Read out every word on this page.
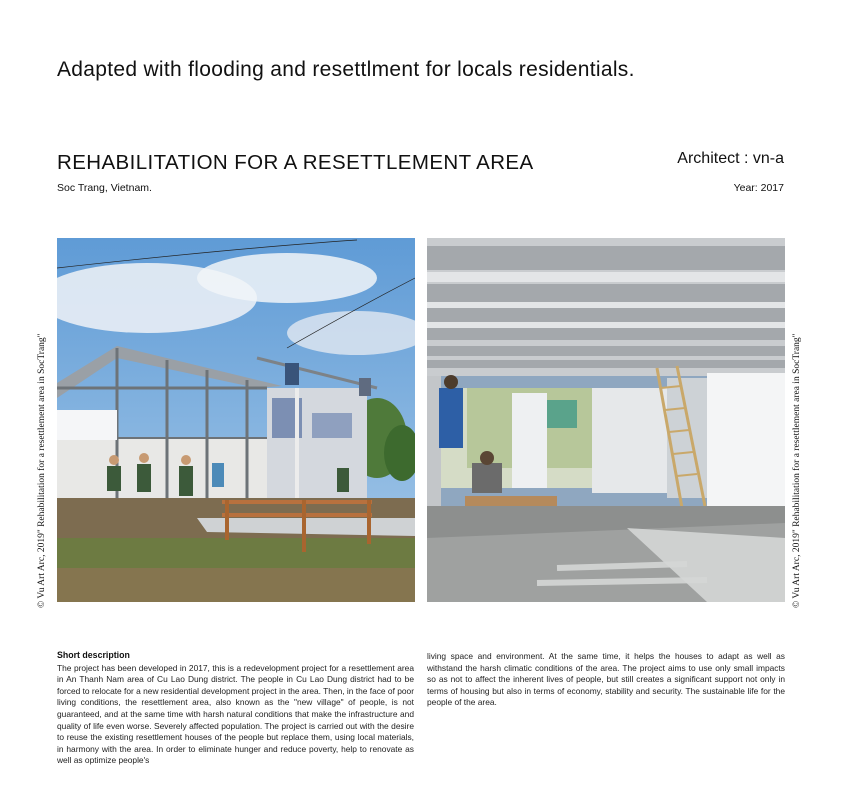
Adapted with flooding and resettlment for locals residentials.
REHABILITATION FOR A RESETTLEMENT AREA	Architect : vn-a
Soc Trang, Vietnam.	Year: 2017
© Vu Art Arc, 2019" Rehabilitation for a resettlement area in SocTrang"	© Vu Art Arc, 2019" Rehabilitation for a resettlement area in SocTrang"
Short description
The project has been developed in 2017, this is a redevelopment project for a resettlement area in An Thanh Nam area of Cu Lao Dung district. The people in Cu Lao Dung district had to be forced to relocate for a new residential development project in the area. Then, in the face of poor living conditions, the resettlement area, also known as the "new village" of people, is not guaranteed, and at the same time with harsh natural conditions that make the infrastructure and quality of life even worse. Severely affected population. The project is carried out with the desire to reuse the existing resettlement houses of the people but replace them, using local materials, in harmony with the area. In order to eliminate hunger and reduce poverty, help to renovate as well as optimize people's
living space and environment. At the same time, it helps the houses to adapt as well as withstand the harsh climatic conditions of the area. The project aims to use only small impacts so as not to affect the inherent lives of people, but still creates a significant support not only in terms of housing but also in terms of economy, stability and security. The sustainable life for the people of the area.
